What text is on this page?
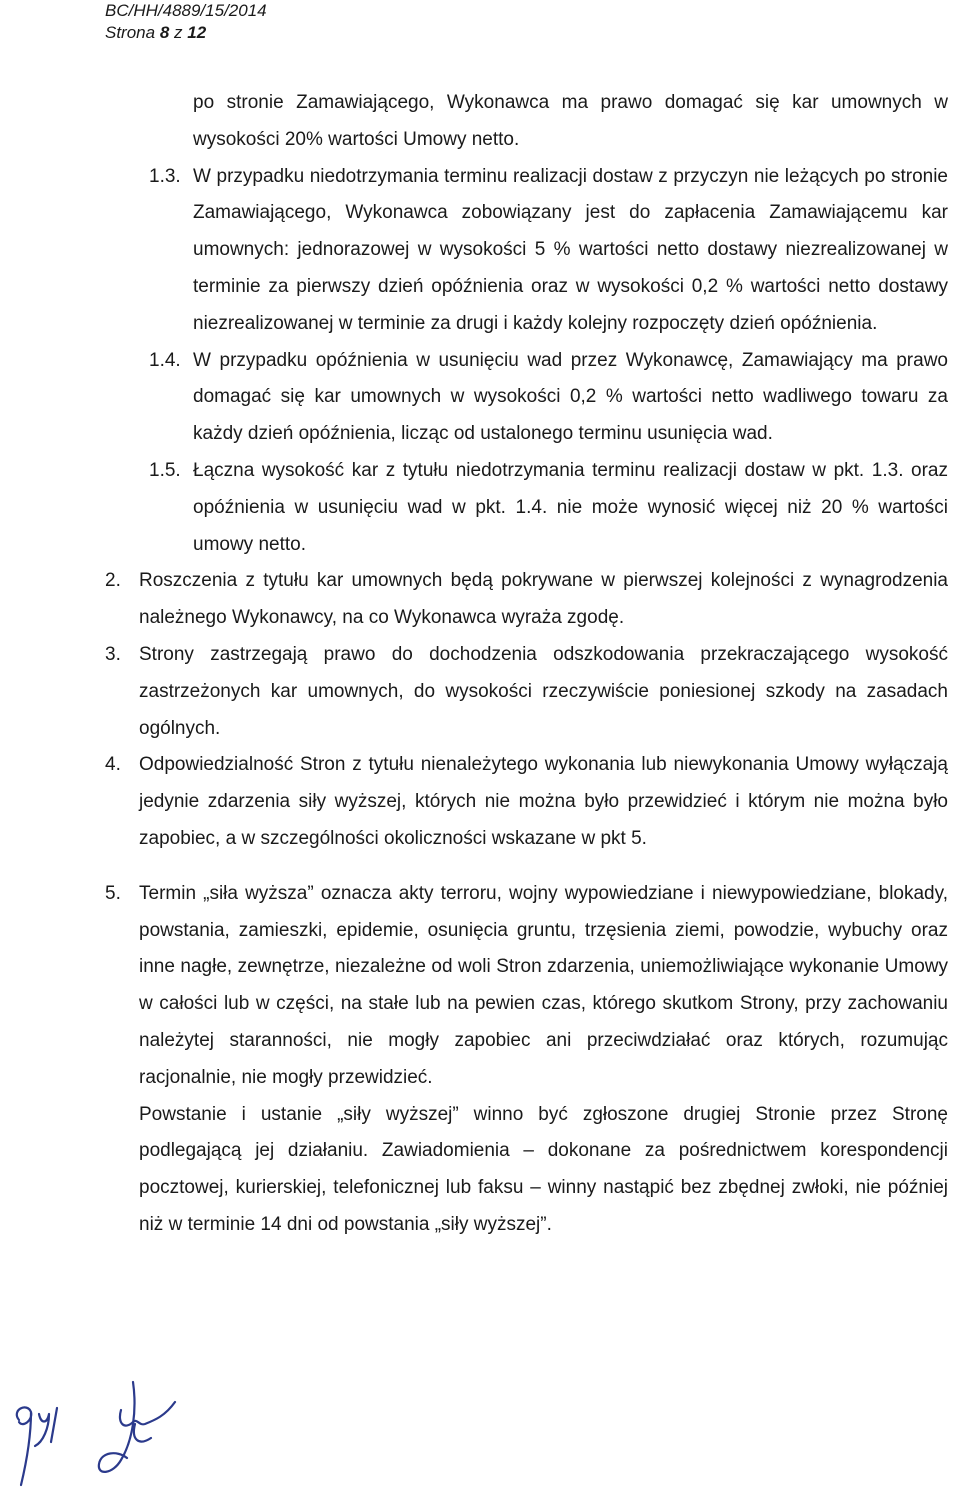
BC/HH/4889/15/2014
Strona 8 z 12
po stronie Zamawiającego, Wykonawca ma prawo domagać się kar umownych w wysokości 20% wartości Umowy netto.
1.3. W przypadku niedotrzymania terminu realizacji dostaw z przyczyn nie leżących po stronie Zamawiającego, Wykonawca zobowiązany jest do zapłacenia Zamawiającemu kar umownych: jednorazowej w wysokości 5 % wartości netto dostawy niezrealizowanej w terminie za pierwszy dzień opóźnienia oraz w wysokości 0,2 % wartości netto dostawy niezrealizowanej w terminie za drugi i każdy kolejny rozpoczęty dzień opóźnienia.
1.4. W przypadku opóźnienia w usunięciu wad przez Wykonawcę, Zamawiający ma prawo domagać się kar umownych w wysokości 0,2 % wartości netto wadliwego towaru za każdy dzień opóźnienia, licząc od ustalonego terminu usunięcia wad.
1.5. Łączna wysokość kar z tytułu niedotrzymania terminu realizacji dostaw w pkt. 1.3. oraz opóźnienia w usunięciu wad w pkt. 1.4. nie może wynosić więcej niż 20 % wartości umowy netto.
2. Roszczenia z tytułu kar umownych będą pokrywane w pierwszej kolejności z wynagrodzenia należnego Wykonawcy, na co Wykonawca wyraża zgodę.
3. Strony zastrzegają prawo do dochodzenia odszkodowania przekraczającego wysokość zastrzeżonych kar umownych, do wysokości rzeczywiście poniesionej szkody na zasadach ogólnych.
4. Odpowiedzialność Stron z tytułu nienależytego wykonania lub niewykonania Umowy wyłączają jedynie zdarzenia siły wyższej, których nie można było przewidzieć i którym nie można było zapobiec, a w szczególności okoliczności wskazane w pkt 5.
5. Termin „siła wyższa” oznacza akty terroru, wojny wypowiedziane i niewypowiedziane, blokady, powstania, zamieszki, epidemie, osunięcia gruntu, trzęsienia ziemi, powodzie, wybuchy oraz inne nagłe, zewnętrze, niezależne od woli Stron zdarzenia, uniemożliwiające wykonanie Umowy w całości lub w części, na stałe lub na pewien czas, którego skutkom Strony, przy zachowaniu należytej staranności, nie mogły zapobiec ani przeciwdziałać oraz których, rozumując racjonalnie, nie mogły przewidzieć.
Powstanie i ustanie „siły wyższej” winno być zgłoszone drugiej Stronie przez Stronę podlegającą jej działaniu. Zawiadomienia – dokonane za pośrednictwem korespondencji pocztowej, kurierskiej, telefonicznej lub faksu – winny nastąpić bez zbędnej zwłoki, nie później niż w terminie 14 dni od powstania „siły wyższej”.
